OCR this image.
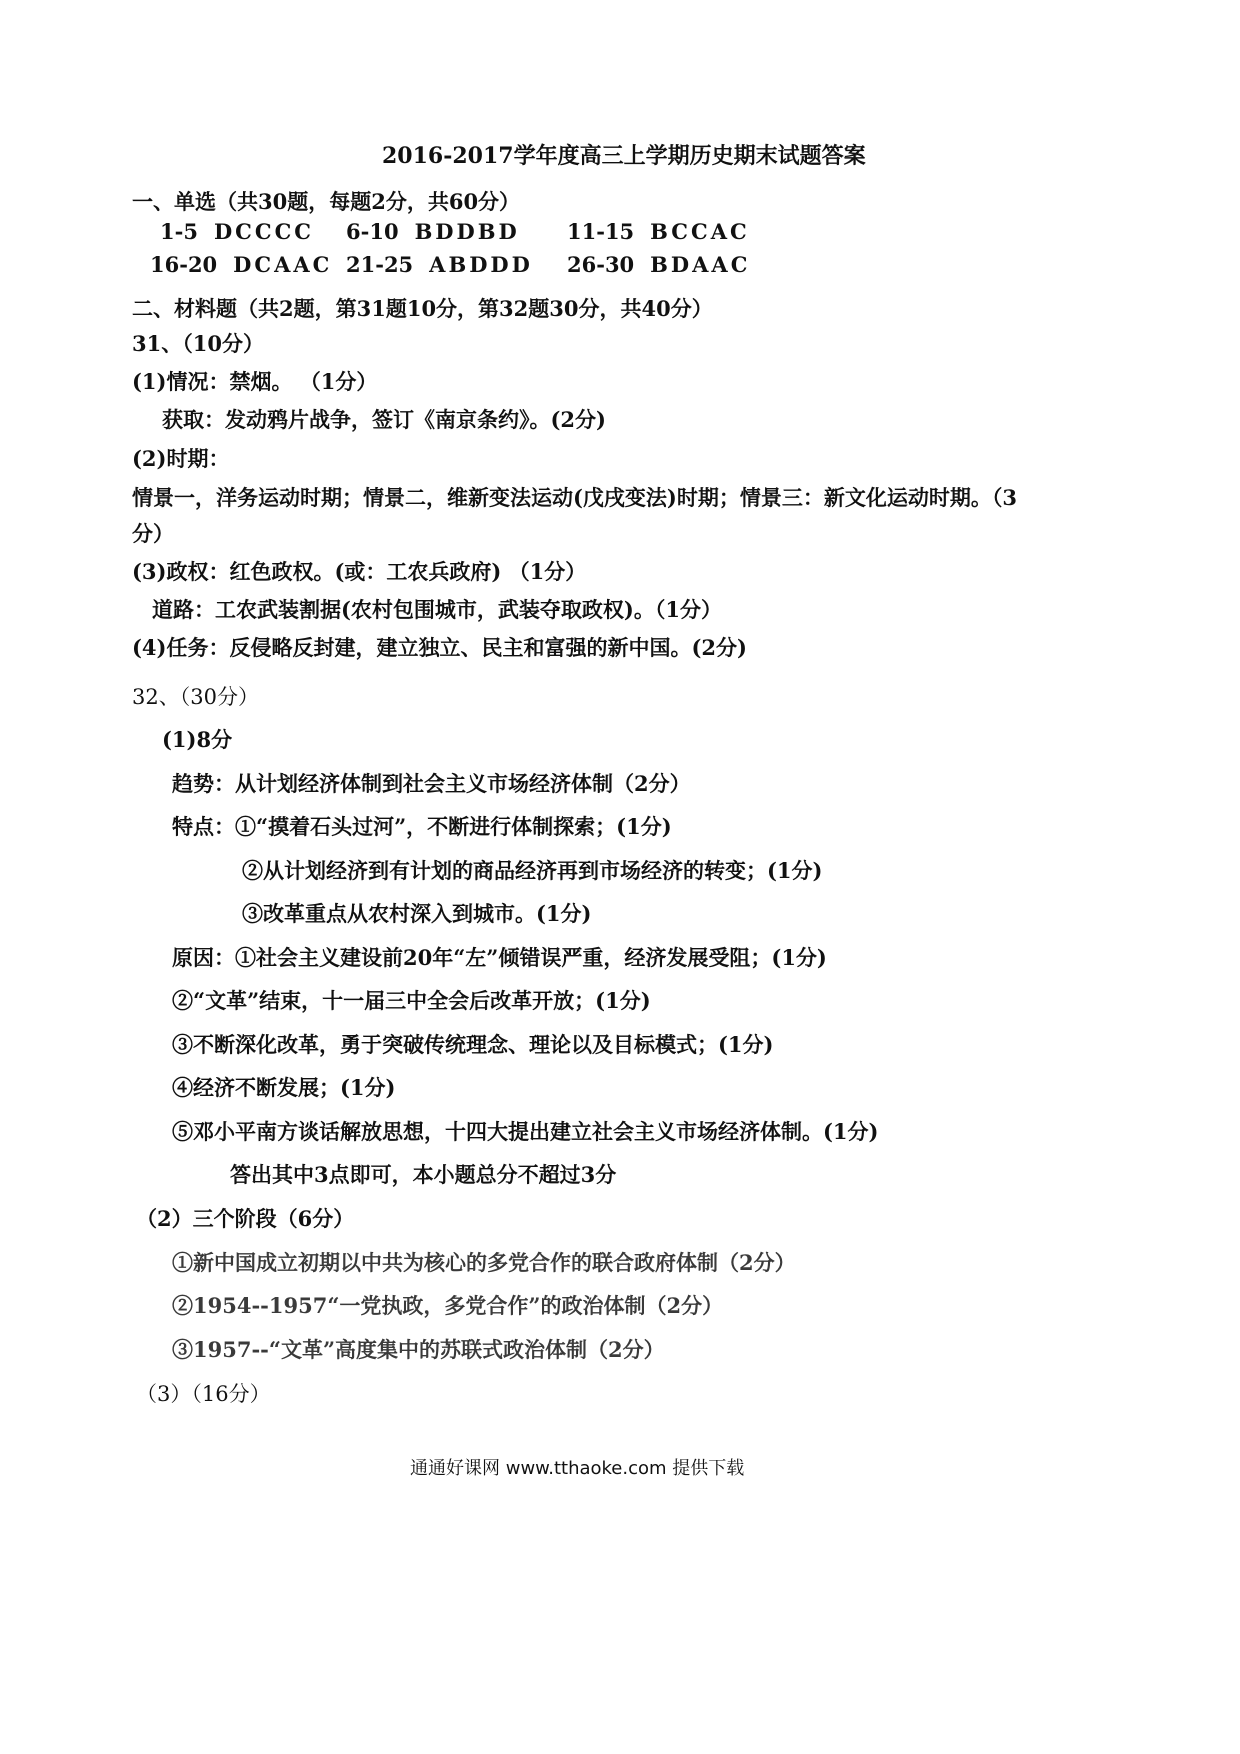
2016-2017学年度高三上学期历史期末试题答案
一、单选（共30题，每题2分，共60分）
1-5 DCCCC 6-10 BDDBD 11-15 BCCAC
16-20 DCAAC 21-25 ABDDD 26-30 BDAAC
二、材料题（共2题，第31题10分，第32题30分，共40分）
31、（10分）
(1)情况：禁烟。 （1分）
获取：发动鸦片战争，签订《南京条约》。(2分)
(2)时期：
情景一，洋务运动时期；情景二，维新变法运动(戊戌变法)时期；情景三：新文化运动时期。（3
分）
(3)政权：红色政权。(或：工农兵政府) （1分）
道路：工农武装割据(农村包围城市，武装夺取政权)。（1分）
(4)任务：反侵略反封建，建立独立、民主和富强的新中国。(2分)
32、（30分）
(1)8分
趋势：从计划经济体制到社会主义市场经济体制（2分）
特点：①“摸着石头过河”，不断进行体制探索；(1分)
②从计划经济到有计划的商品经济再到市场经济的转变；(1分)
③改革重点从农村深入到城市。(1分)
原因：①社会主义建设前20年“左”倾错误严重，经济发展受阻；(1分)
②“文革”结束，十一届三中全会后改革开放；(1分)
③不断深化改革，勇于突破传统理念、理论以及目标模式；(1分)
④经济不断发展；(1分)
⑤邓小平南方谈话解放思想，十四大提出建立社会主义市场经济体制。(1分)
答出其中3点即可，本小题总分不超过3分
（2）三个阶段（6分）
①新中国成立初期以中共为核心的多党合作的联合政府体制（2分）
②1954--1957“一党执政，多党合作”的政治体制（2分）
③1957--“文革”高度集中的苏联式政治体制（2分）
（3）（16分）
通通好课网 www.tthaoke.com 提供下载
